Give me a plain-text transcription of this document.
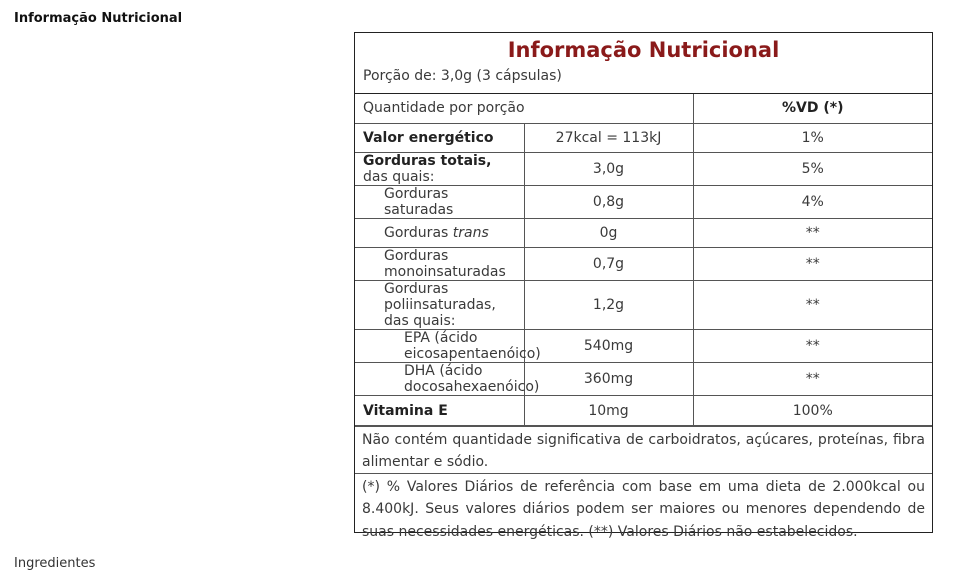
Informação Nutricional
Informação Nutricional
Porção de: 3,0g (3 cápsulas)
Quantidade por porção		%VD (*)
Valor energético	27kcal = 113kJ	1%
Gorduras totais, das quais:	3,0g	5%
Gorduras saturadas	0,8g	4%
Gorduras trans	0g	**
Gorduras monoinsaturadas	0,7g	**
Gorduras poliinsaturadas, das quais:	1,2g	**
EPA (ácido eicosapentaenóico)	540mg	**
DHA (ácido docosahexaenóico)	360mg	**
Vitamina E	10mg	100%
Não contém quantidade significativa de carboidratos, açúcares, proteínas, fibra alimentar e sódio.
(*) % Valores Diários de referência com base em uma dieta de 2.000kcal ou 8.400kJ. Seus valores diários podem ser maiores ou menores dependendo de suas necessidades energéticas. (**) Valores Diários não estabelecidos.
Ingredientes
